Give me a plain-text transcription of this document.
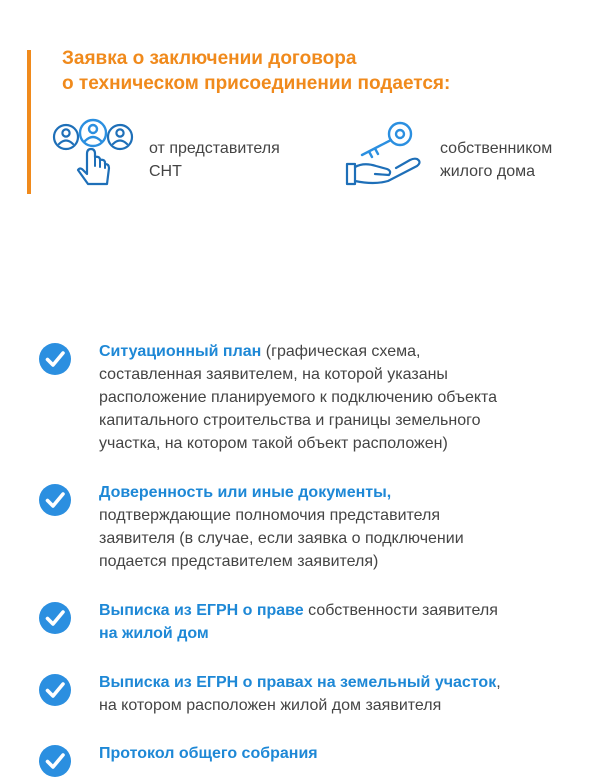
Заявка о заключении договора
о техническом присоединении подается:
от представителя
СНТ
собственником
жилого дома
Ситуационный план (графическая схема,
составленная заявителем, на которой указаны
расположение планируемого к подключению объекта
капитального строительства и границы земельного
участка, на котором такой объект расположен)
Доверенность или иные документы,
подтверждающие полномочия представителя
заявителя (в случае, если заявка о подключении
подается представителем заявителя)
Выписка из ЕГРН о праве собственности заявителя
на жилой дом
Выписка из ЕГРН о правах на земельный участок,
на котором расположен жилой дом заявителя
Протокол общего собрания
